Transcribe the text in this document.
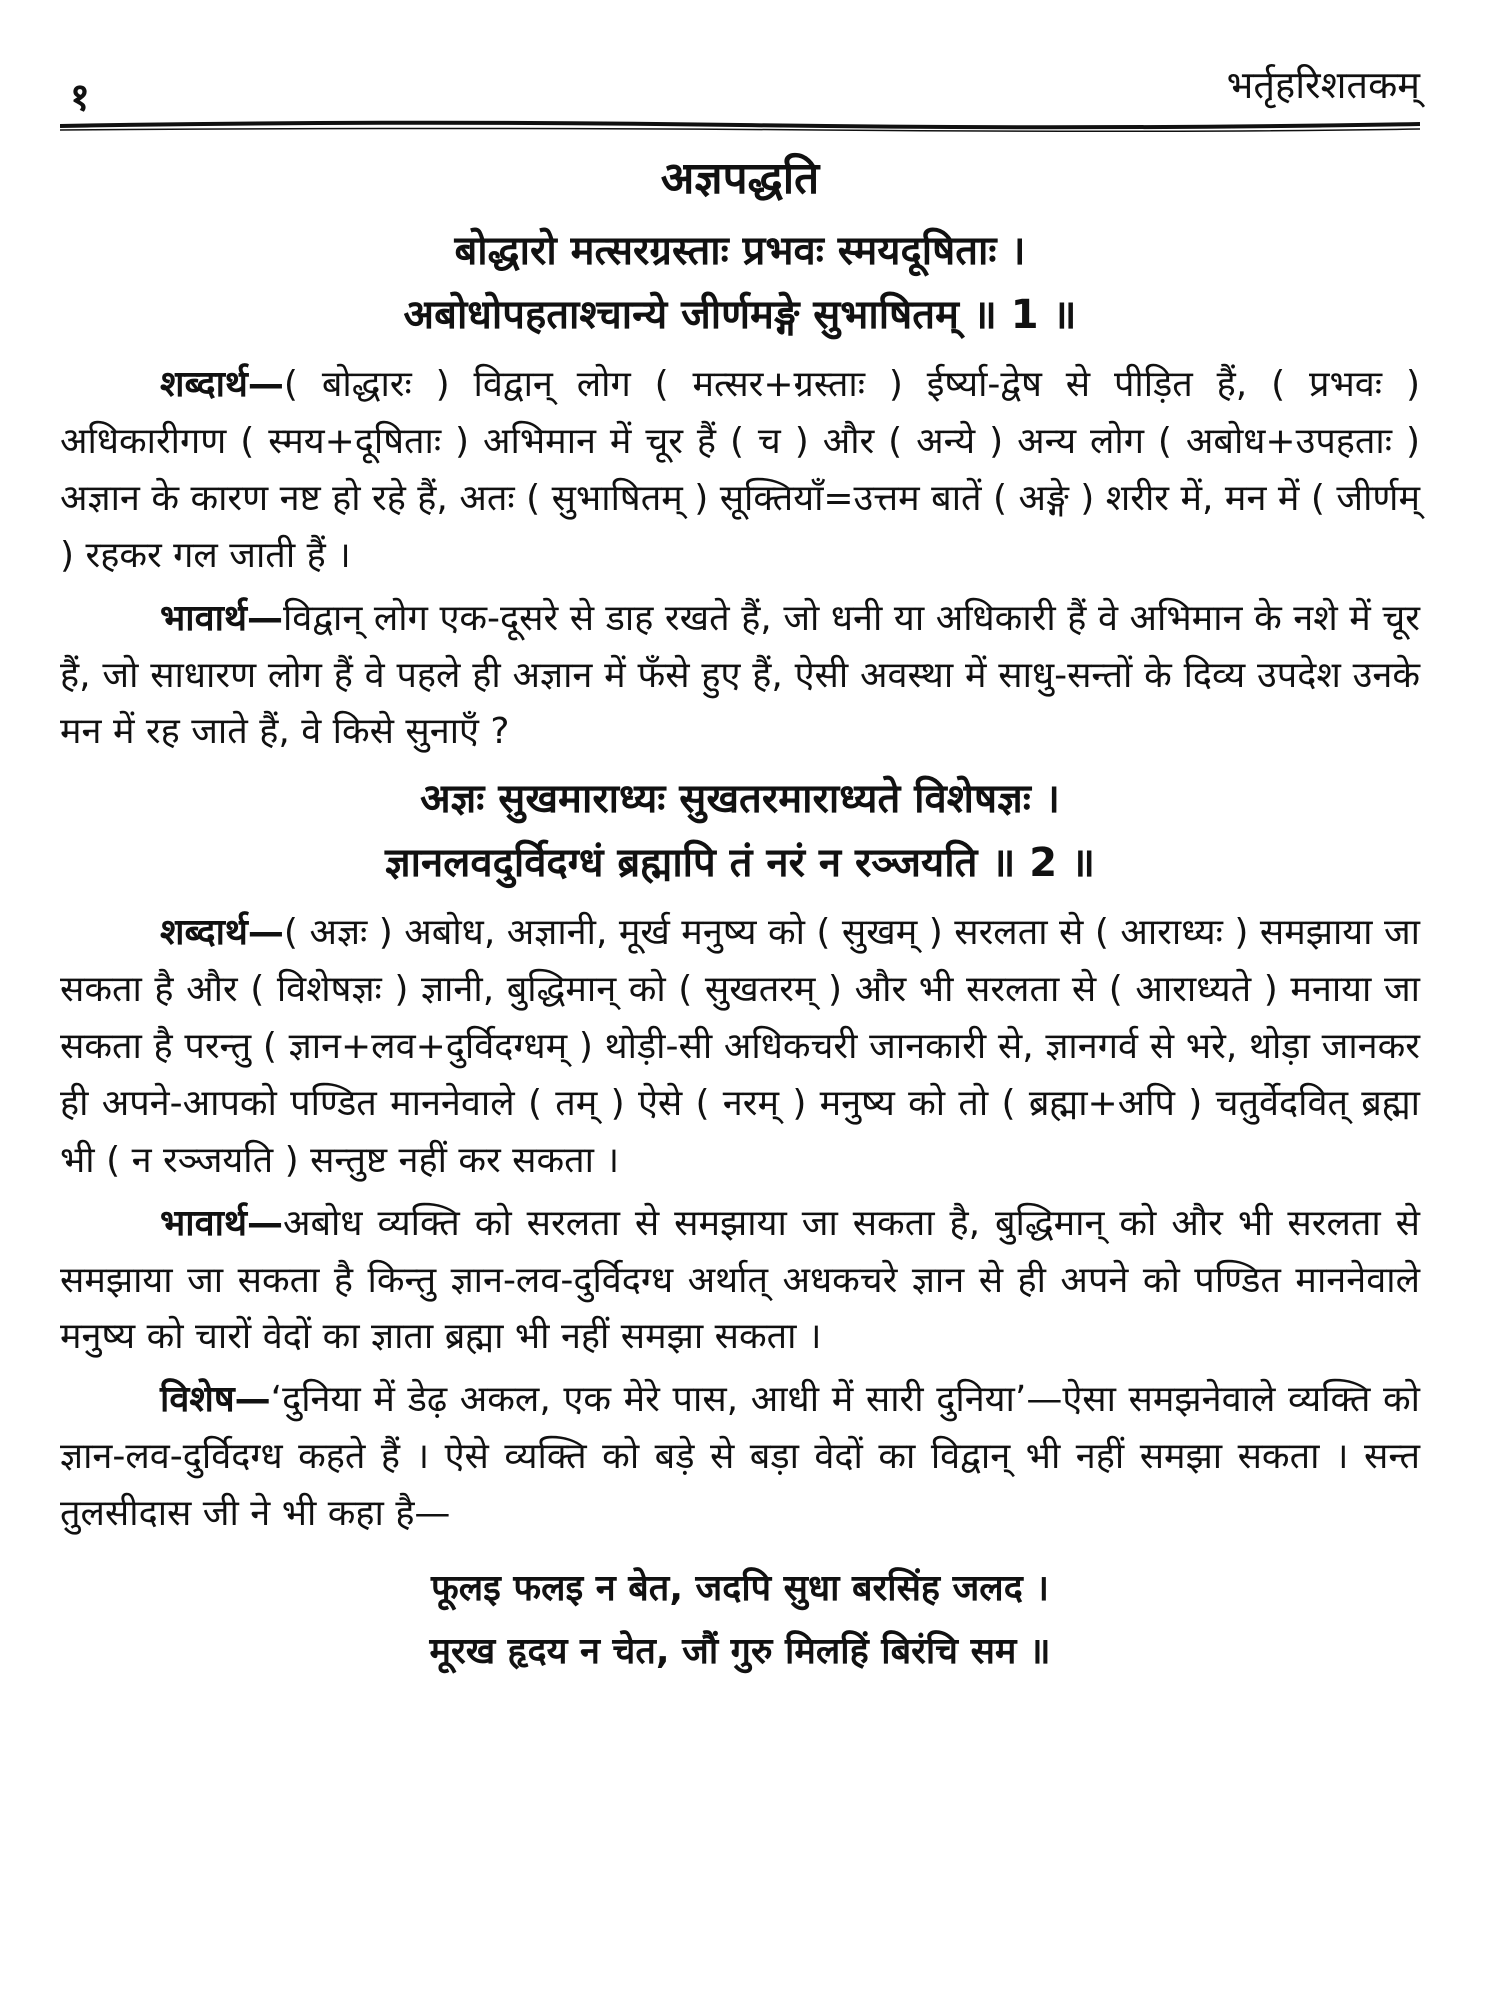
१	भर्तृहरिशतकम्
अज्ञपद्धति

बोद्धारो मत्सरग्रस्ताः प्रभवः स्मयदूषिताः ।

अबोधोपहताश्चान्ये जीर्णमङ्गे सुभाषितम् ॥ 1 ॥

शब्दार्थ—( बोद्धारः ) विद्वान् लोग ( मत्सर+ग्रस्ताः ) ईर्ष्या-द्वेष से पीड़ित हैं, ( प्रभवः ) अधिकारीगण ( स्मय+दूषिताः ) अभिमान में चूर हैं ( च ) और ( अन्ये ) अन्य लोग ( अबोध+उपहताः ) अज्ञान के कारण नष्ट हो रहे हैं, अतः ( सुभाषितम् ) सूक्तियाँ=उत्तम बातें ( अङ्गे ) शरीर में, मन में ( जीर्णम् ) रहकर गल जाती हैं ।

भावार्थ—विद्वान् लोग एक-दूसरे से डाह रखते हैं, जो धनी या अधिकारी हैं वे अभिमान के नशे में चूर हैं, जो साधारण लोग हैं वे पहले ही अज्ञान में फँसे हुए हैं, ऐसी अवस्था में साधु-सन्तों के दिव्य उपदेश उनके मन में रह जाते हैं, वे किसे सुनाएँ ?

अज्ञः सुखमाराध्यः सुखतरमाराध्यते विशेषज्ञः ।

ज्ञानलवदुर्विदग्धं ब्रह्मापि तं नरं न रञ्जयति ॥ 2 ॥

शब्दार्थ—( अज्ञः ) अबोध, अज्ञानी, मूर्ख मनुष्य को ( सुखम् ) सरलता से ( आराध्यः ) समझाया जा सकता है और ( विशेषज्ञः ) ज्ञानी, बुद्धिमान् को ( सुखतरम् ) और भी सरलता से ( आराध्यते ) मनाया जा सकता है परन्तु ( ज्ञान+लव+दुर्विदग्धम् ) थोड़ी-सी अधिकचरी जानकारी से, ज्ञानगर्व से भरे, थोड़ा जानकर ही अपने-आपको पण्डित माननेवाले ( तम् ) ऐसे ( नरम् ) मनुष्य को तो ( ब्रह्मा+अपि ) चतुर्वेदवित् ब्रह्मा भी ( न रञ्जयति ) सन्तुष्ट नहीं कर सकता ।

भावार्थ—अबोध व्यक्ति को सरलता से समझाया जा सकता है, बुद्धिमान् को और भी सरलता से समझाया जा सकता है किन्तु ज्ञान-लव-दुर्विदग्ध अर्थात् अधकचरे ज्ञान से ही अपने को पण्डित माननेवाले मनुष्य को चारों वेदों का ज्ञाता ब्रह्मा भी नहीं समझा सकता ।

विशेष—‘दुनिया में डेढ़ अकल, एक मेरे पास, आधी में सारी दुनिया’—ऐसा समझनेवाले व्यक्ति को ज्ञान-लव-दुर्विदग्ध कहते हैं । ऐसे व्यक्ति को बड़े से बड़ा वेदों का विद्वान् भी नहीं समझा सकता । सन्त तुलसीदास जी ने भी कहा है—

फूलइ फलइ न बेत, जदपि सुधा बरसिंह जलद ।

मूरख हृदय न चेत, जौं गुरु मिलहिं बिरंचि सम ॥
